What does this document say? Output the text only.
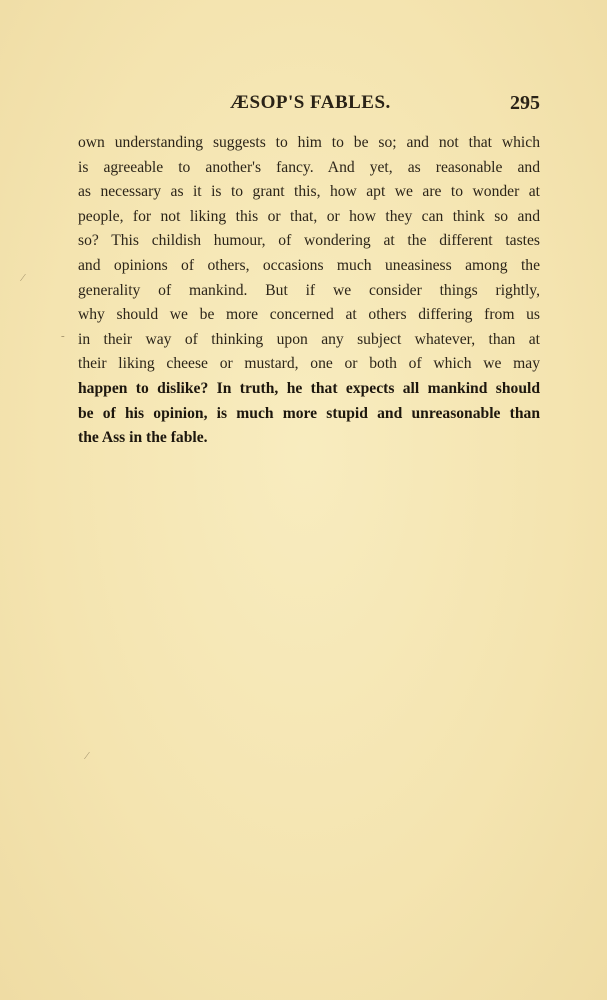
ÆSOP'S FABLES.	295
own understanding suggests to him to be so; and not that which
is agreeable to another's fancy. And yet, as reasonable and
as necessary as it is to grant this, how apt we are to wonder at
people, for not liking this or that, or how they can think so and
so? This childish humour, of wondering at the different tastes
and opinions of others, occasions much uneasiness among the
generality of mankind. But if we consider things rightly,
why should we be more concerned at others differing from us
in their way of thinking upon any subject whatever, than at
their liking cheese or mustard, one or both of which we may
happen to dislike? In truth, he that expects all mankind should
be of his opinion, is much more stupid and unreasonable than
the Ass in the fable.
⁄
-
⁄
